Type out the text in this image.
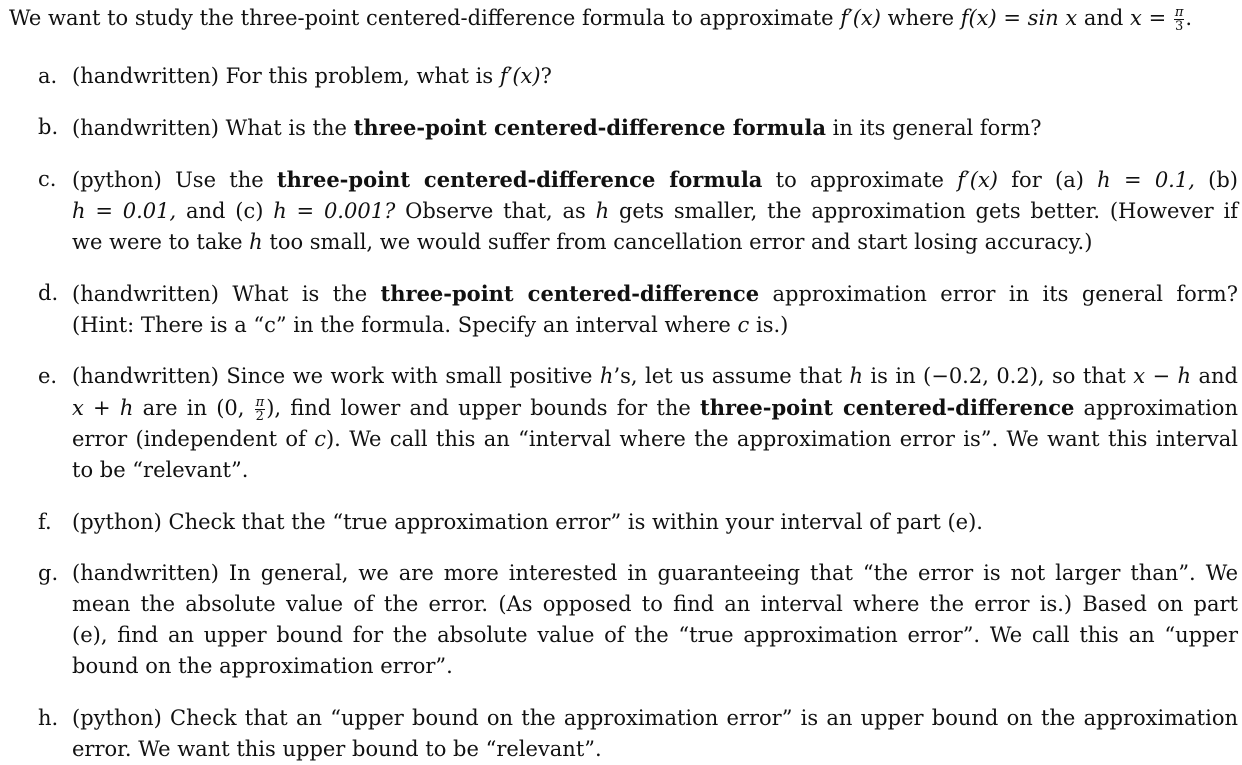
We want to study the three-point centered-difference formula to approximate f′(x) where f(x) = sin x and $x = \frac{\pi}{3}$ .
a. (handwritten) For this problem, what is f′(x)?
b. (handwritten) What is the three-point centered-difference formula in its general form?
c. (python) Use the three-point centered-difference formula to approximate f′(x) for (a) h = 0.1, (b)
h = 0.01, and (c) h = 0.001? Observe that, as h gets smaller, the approximation gets better. (However if
we were to take h too small, we would suffer from cancellation error and start losing accuracy.)
d. (handwritten) What is the three-point centered-difference approximation error in its general form?
(Hint: There is a “c” in the formula. Specify an interval where c is.)
e. (handwritten) Since we work with small positive h’s, let us assume that h is in (−0.2, 0.2), so that x − h and
x + h are in (0, $\frac{\pi}{2}$ ), find lower and upper bounds for the three-point centered-difference approximation
error (independent of c). We call this an “interval where the approximation error is”. We want this interval
to be “relevant”.
f. (python) Check that the “true approximation error” is within your interval of part (e).
g. (handwritten) In general, we are more interested in guaranteeing that “the error is not larger than”. We
mean the absolute value of the error. (As opposed to find an interval where the error is.) Based on part
(e), find an upper bound for the absolute value of the “true approximation error”. We call this an “upper
bound on the approximation error”.
h. (python) Check that an “upper bound on the approximation error” is an upper bound on the approximation
error. We want this upper bound to be “relevant”.
